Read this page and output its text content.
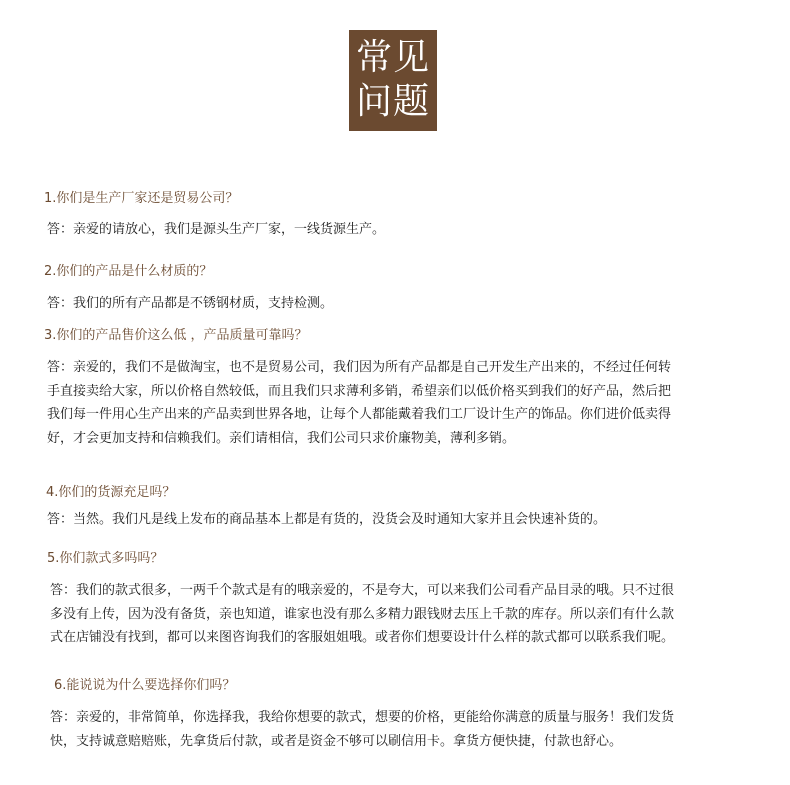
常见
问题
1.你们是生产厂家还是贸易公司？
答：亲爱的请放心，我们是源头生产厂家，一线货源生产。
2.你们的产品是什么材质的？
答：我们的所有产品都是不锈钢材质，支持检测。
3.你们的产品售价这么低 ，产品质量可靠吗？
答：亲爱的，我们不是做淘宝，也不是贸易公司，我们因为所有产品都是自己开发生产出来的，不经过任何转手直接卖给大家，所以价格自然较低，而且我们只求薄利多销，希望亲们以低价格买到我们的好产品，然后把我们每一件用心生产出来的产品卖到世界各地，让每个人都能戴着我们工厂设计生产的饰品。你们进价低卖得好，才会更加支持和信赖我们。亲们请相信，我们公司只求价廉物美，薄利多销。
4.你们的货源充足吗？
答：当然。我们凡是线上发布的商品基本上都是有货的，没货会及时通知大家并且会快速补货的。
5.你们款式多吗吗？
答：我们的款式很多，一两千个款式是有的哦亲爱的，不是夸大，可以来我们公司看产品目录的哦。只不过很多没有上传，因为没有备货，亲也知道，谁家也没有那么多精力跟钱财去压上千款的库存。所以亲们有什么款式在店铺没有找到，都可以来图咨询我们的客服姐姐哦。或者你们想要设计什么样的款式都可以联系我们呢。
6.能说说为什么要选择你们吗？
答：亲爱的，非常简单，你选择我，我给你想要的款式，想要的价格，更能给你满意的质量与服务！我们发货快，支持诚意赔赔账，先拿货后付款，或者是资金不够可以刷信用卡。拿货方便快捷，付款也舒心。
